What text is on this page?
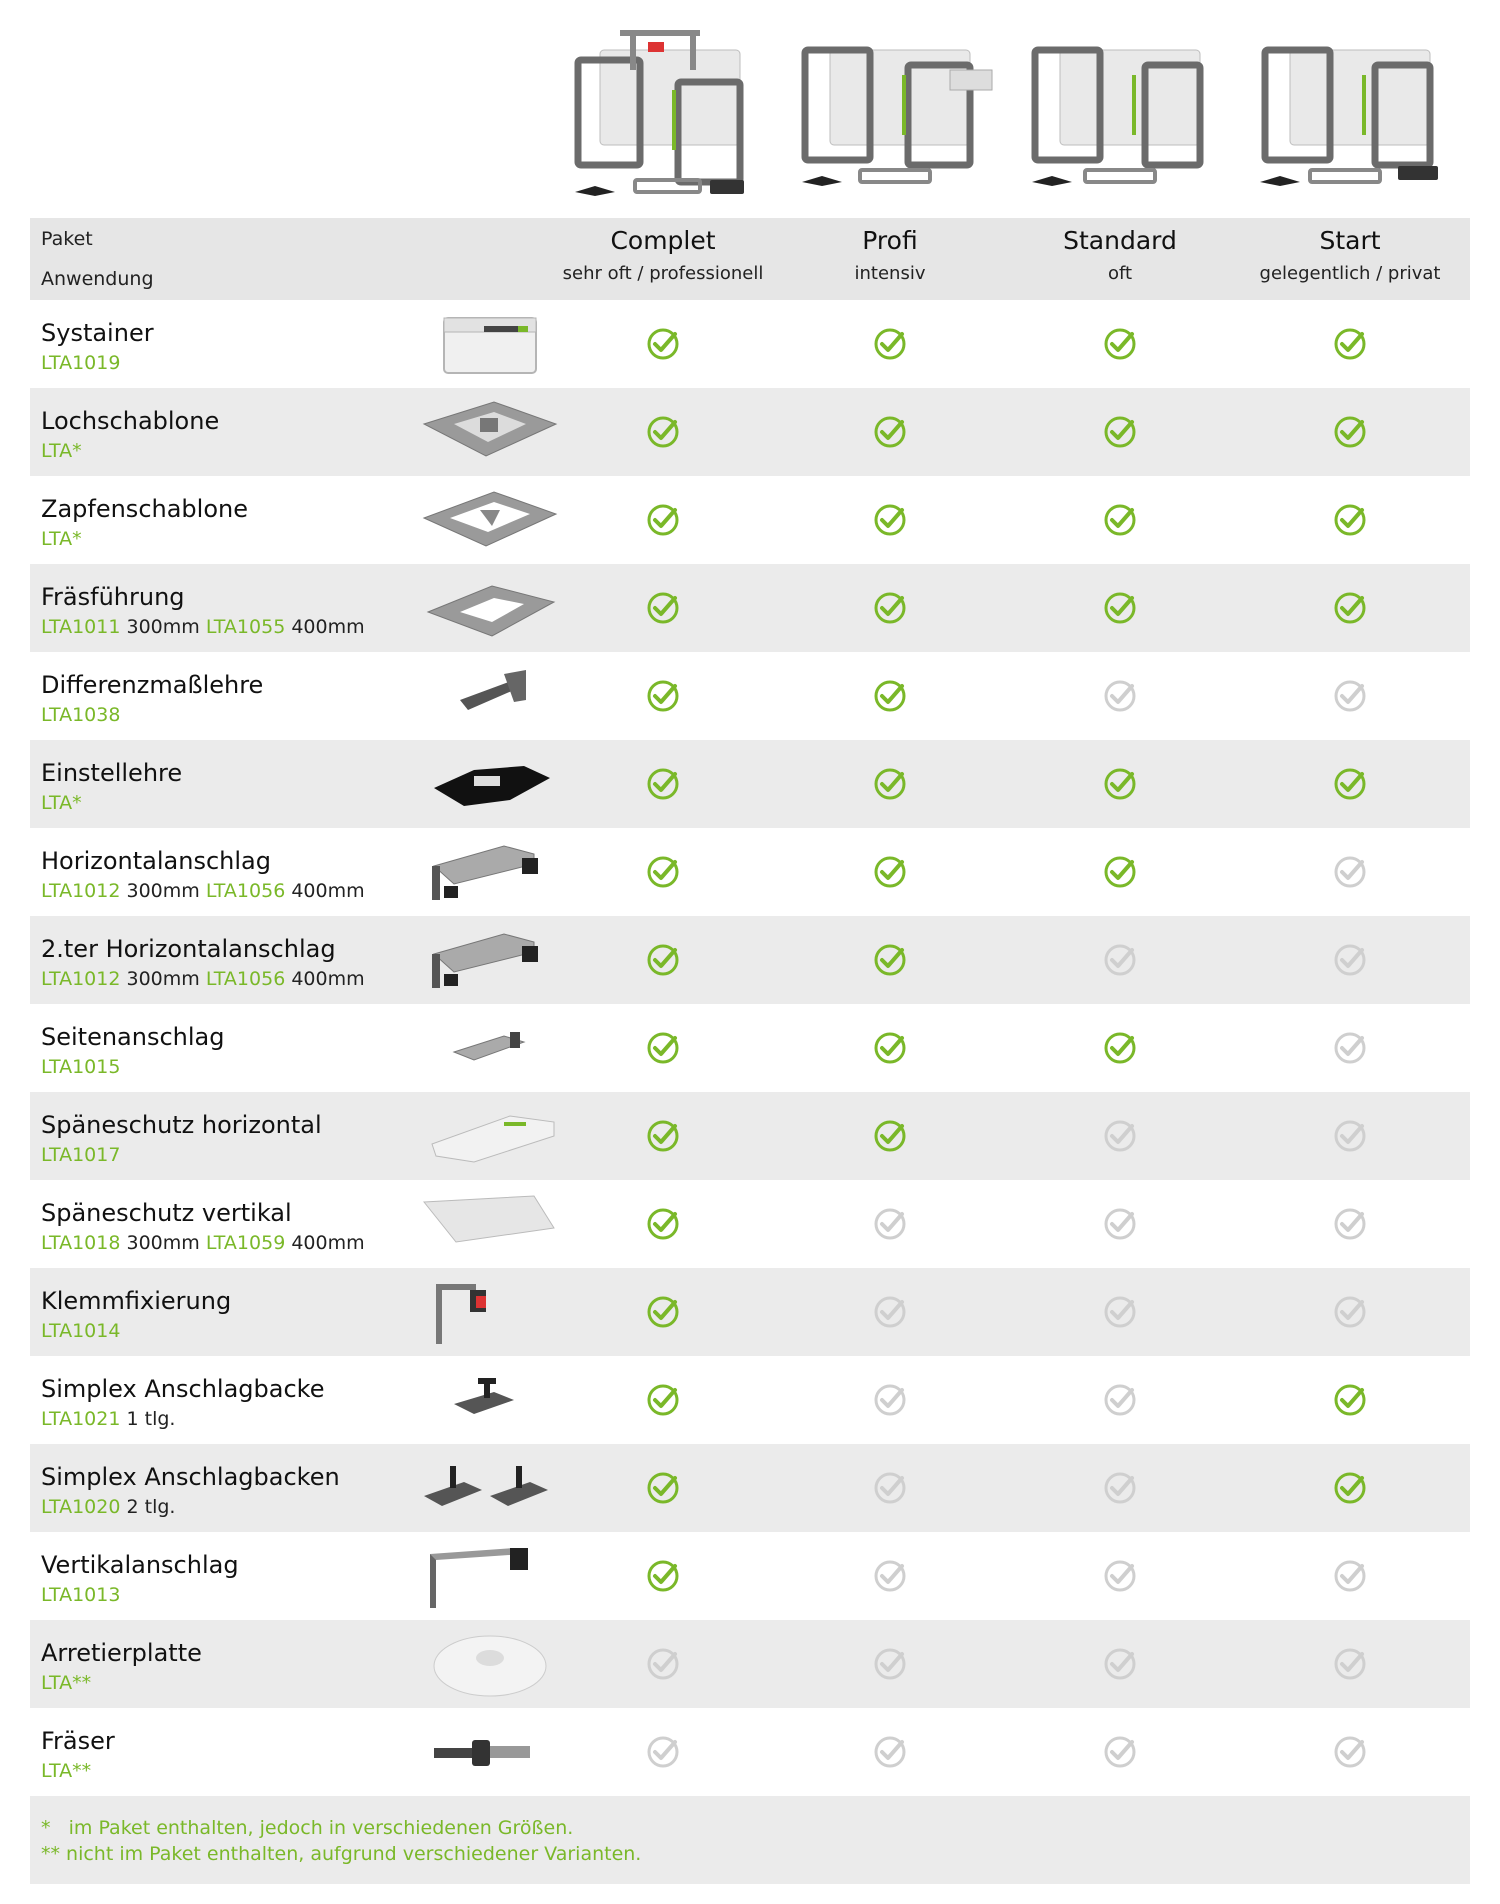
Paket
Anwendung
Complet
sehr oft / professionell
Profi
intensiv
Standard
oft
Start
gelegentlich / privat
Systainer
LTA1019
Lochschablone
LTA*
Zapfenschablone
LTA*
Fräsführung
LTA1011 300mm LTA1055 400mm
Differenzmaßlehre
LTA1038
Einstellehre
LTA*
Horizontalanschlag
LTA1012 300mm LTA1056 400mm
2.ter Horizontalanschlag
LTA1012 300mm LTA1056 400mm
Seitenanschlag
LTA1015
Späneschutz horizontal
LTA1017
Späneschutz vertikal
LTA1018 300mm LTA1059 400mm
Klemmfixierung
LTA1014
Simplex Anschlagbacke
LTA1021 1 tlg.
Simplex Anschlagbacken
LTA1020 2 tlg.
Vertikalanschlag
LTA1013
Arretierplatte
LTA**
Fräser
LTA**
*   im Paket enthalten, jedoch in verschiedenen Größen.
** nicht im Paket enthalten, aufgrund verschiedener Varianten.
